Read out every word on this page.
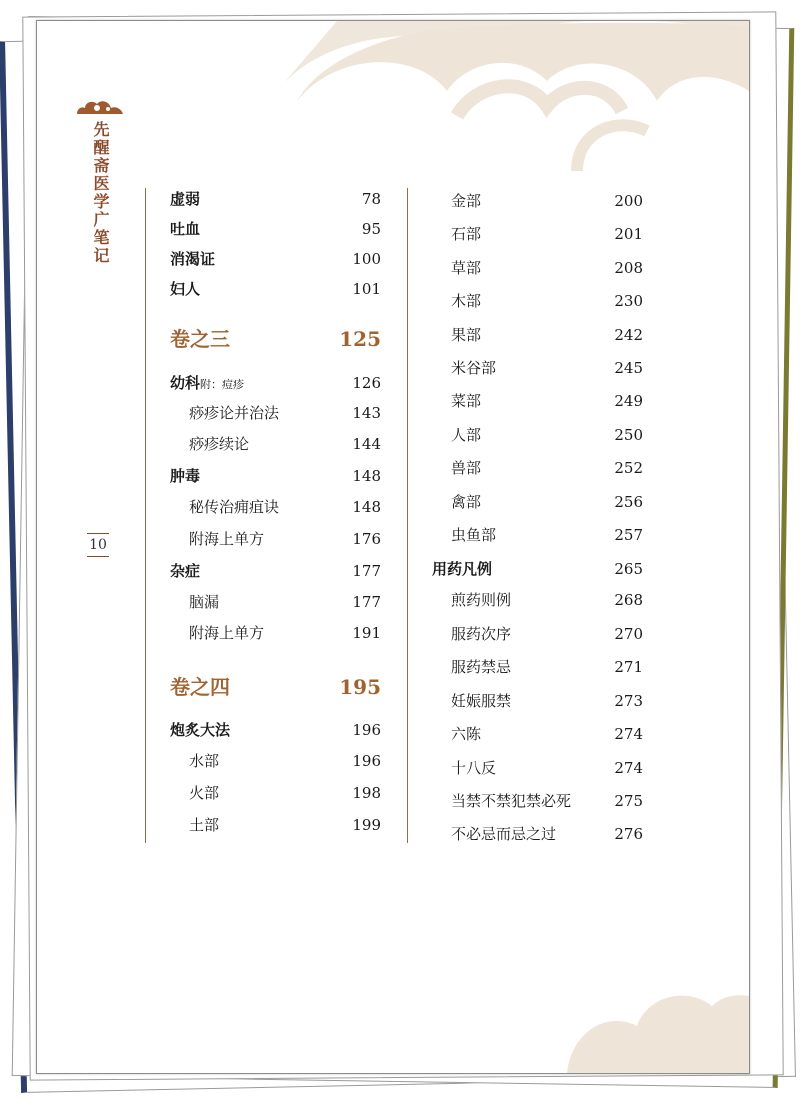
先醒斋医学广笔记
10
虚弱	78
吐血	95
消渴证	100
妇人	101
卷之三	125
幼科附：痘疹	126
痧疹论并治法	143
痧疹续论	144
肿毒	148
秘传治痈疽诀	148
附海上单方	176
杂症	177
脑漏	177
附海上单方	191
卷之四	195
炮炙大法	196
水部	196
火部	198
土部	199
金部	200
石部	201
草部	208
木部	230
果部	242
米谷部	245
菜部	249
人部	250
兽部	252
禽部	256
虫鱼部	257
用药凡例	265
煎药则例	268
服药次序	270
服药禁忌	271
妊娠服禁	273
六陈	274
十八反	274
当禁不禁犯禁必死	275
不必忌而忌之过	276
